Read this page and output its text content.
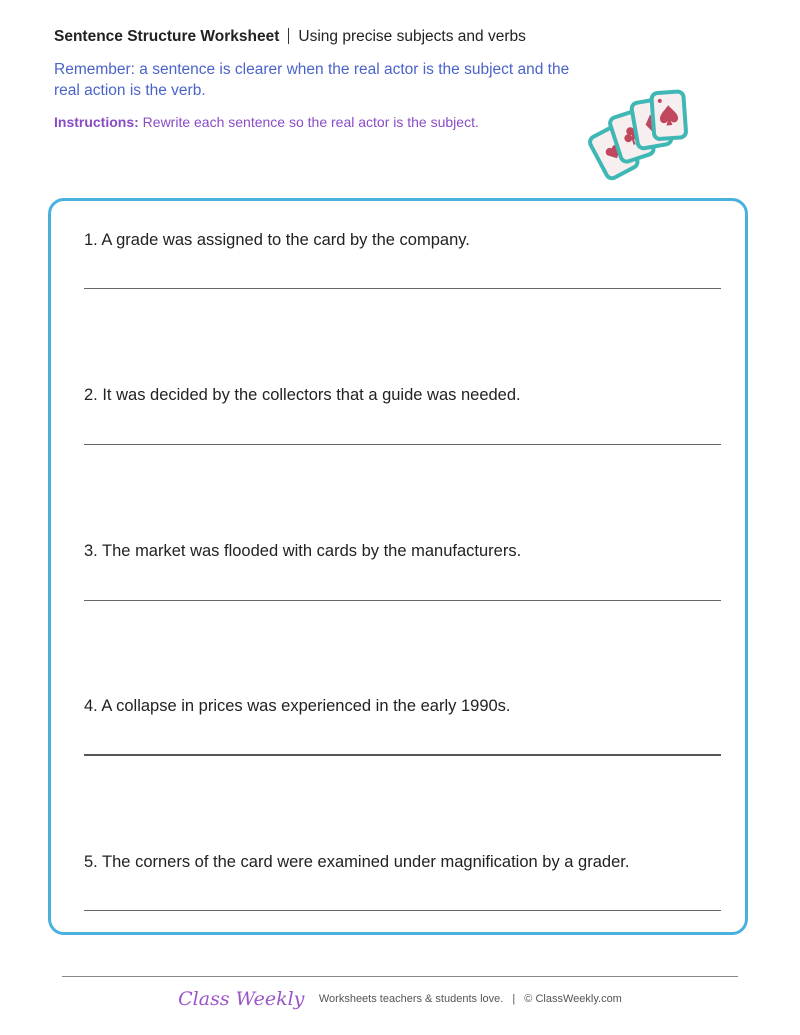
Sentence Structure Worksheet Using precise subjects and verbs
Remember: a sentence is clearer when the real actor is the subject and the real action is the verb.
Instructions: Rewrite each sentence so the real actor is the subject.
1. A grade was assigned to the card by the company.
2. It was decided by the collectors that a guide was needed.
3. The market was flooded with cards by the manufacturers.
4. A collapse in prices was experienced in the early 1990s.
5. The corners of the card were examined under magnification by a grader.
Class Weekly Worksheets teachers & students love. | © ClassWeekly.com
